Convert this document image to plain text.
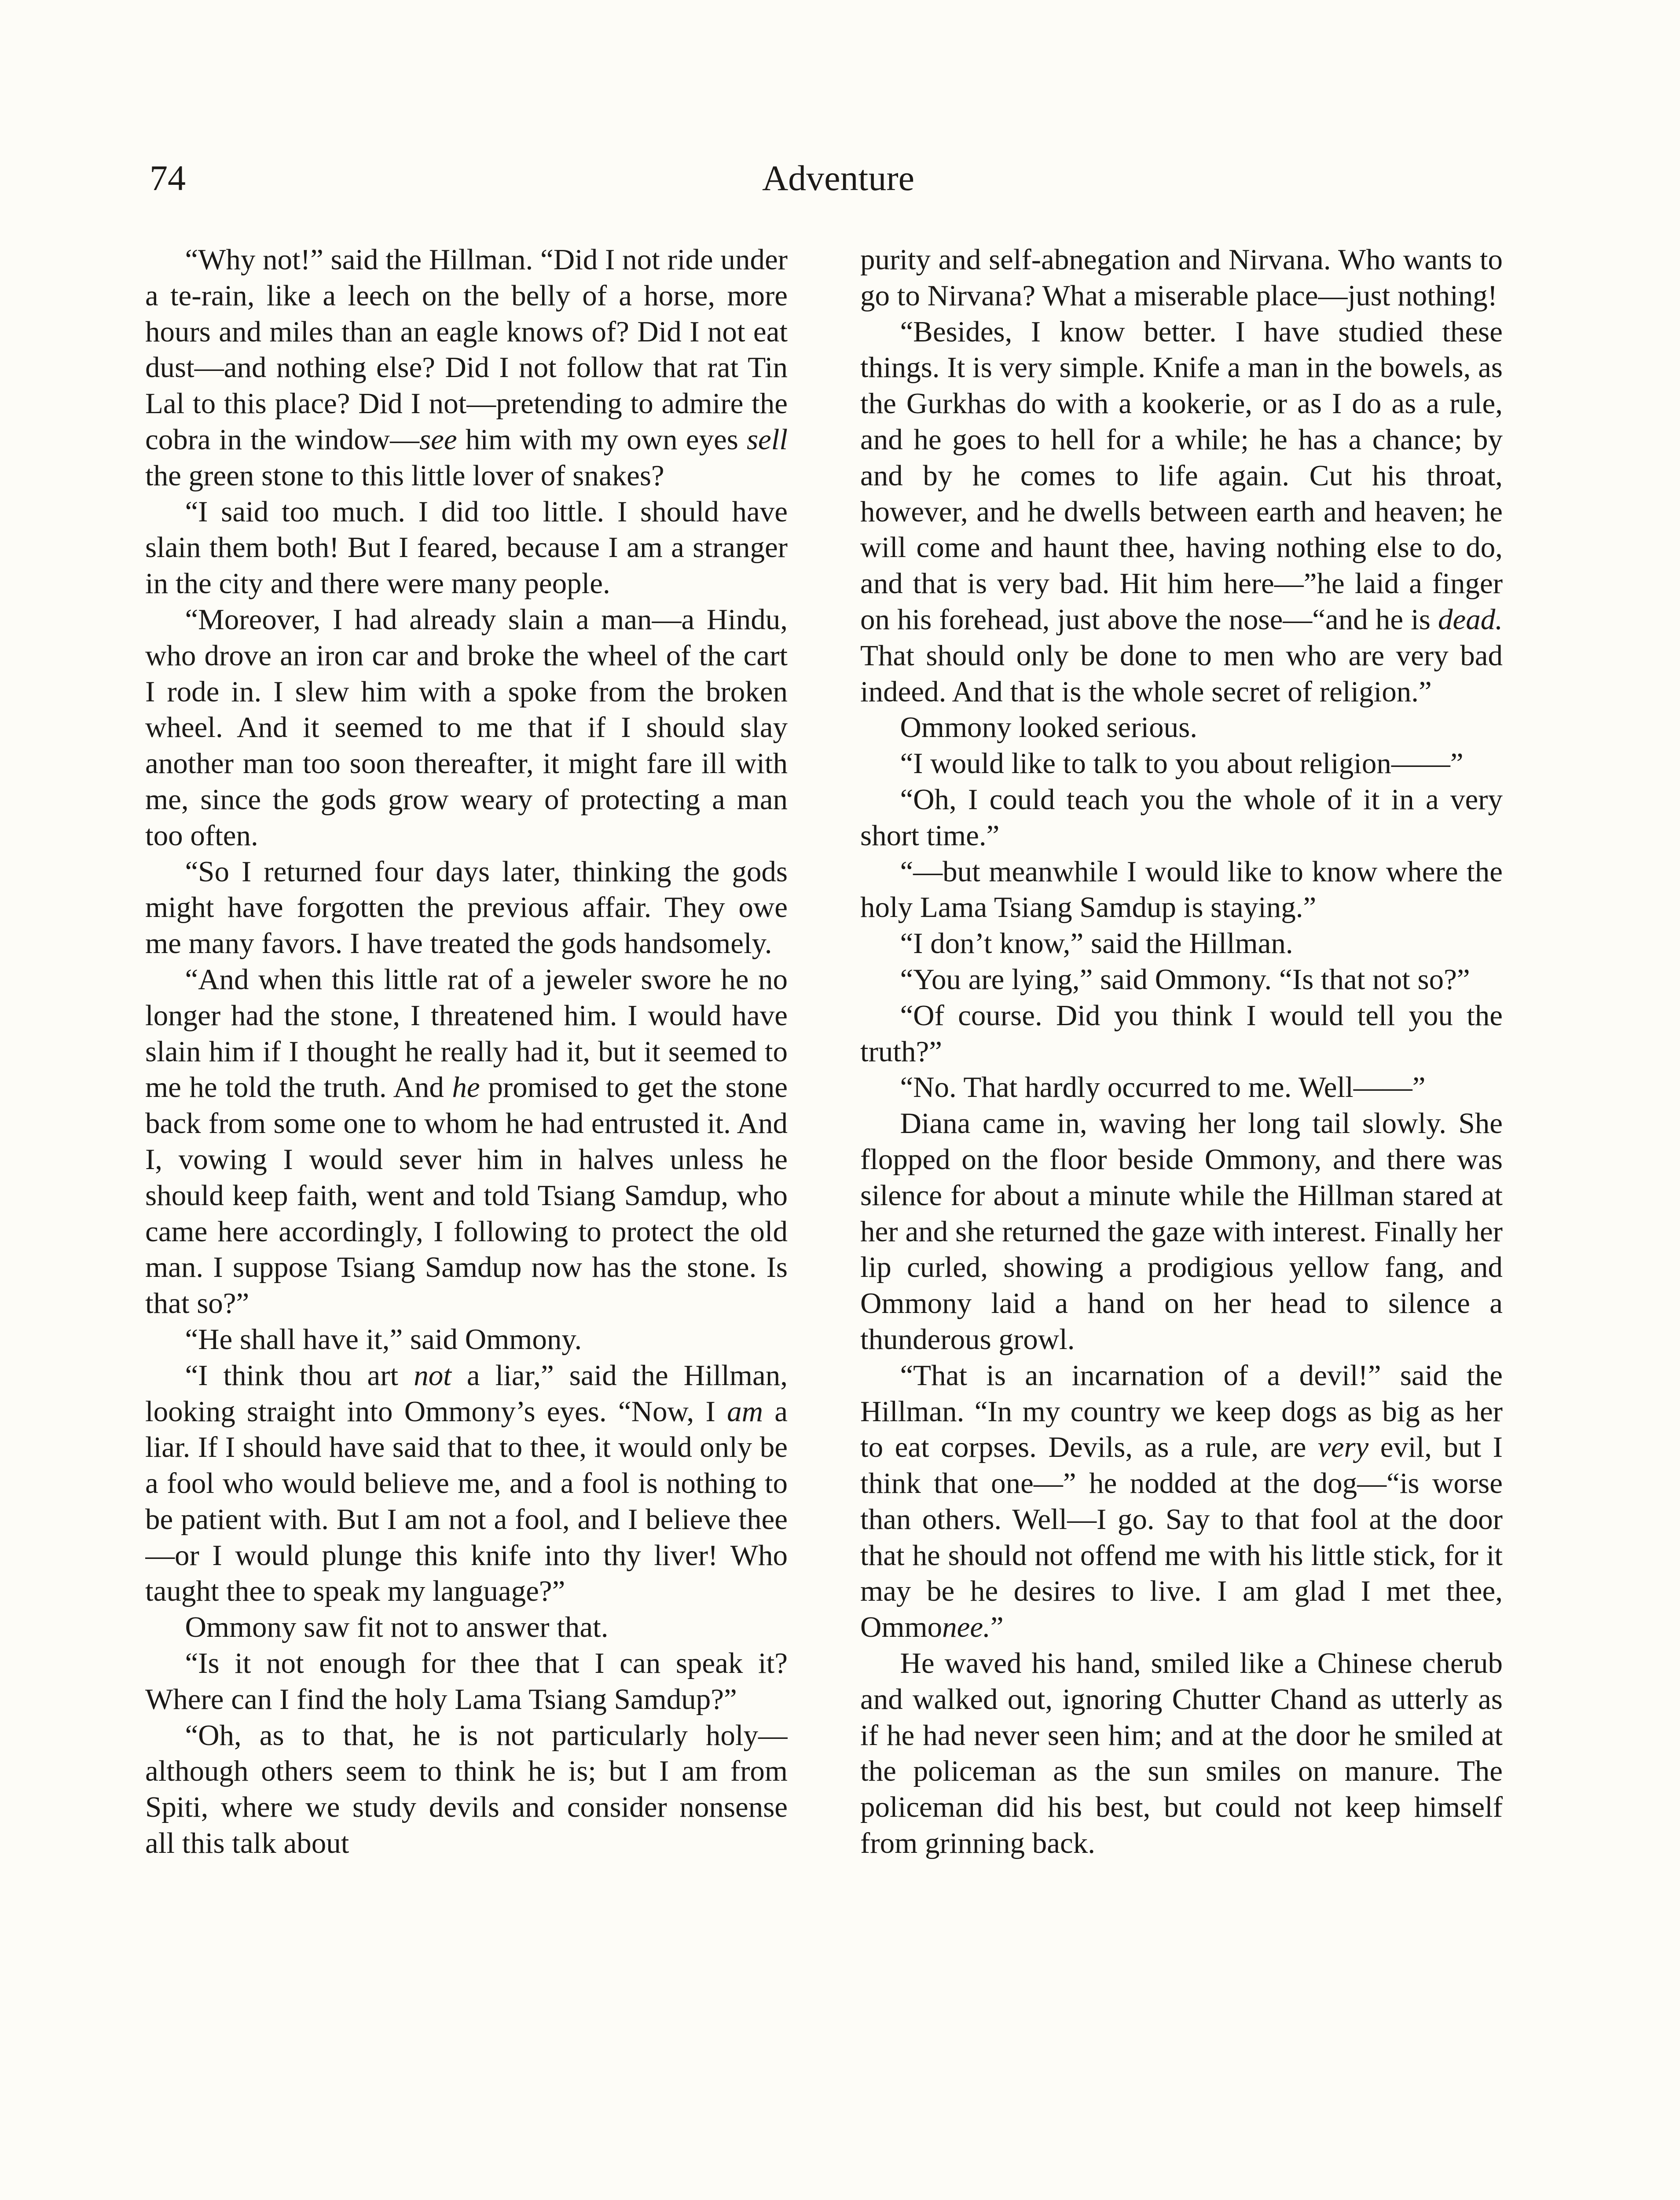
74	Adventure

“Why not!” said the Hillman. “Did I not ride under a te-rain, like a leech on the belly of a horse, more hours and miles than an eagle knows of? Did I not eat dust—and nothing else? Did I not follow that rat Tin Lal to this place? Did I not—pretending to admire the cobra in the window—see him with my own eyes sell the green stone to this little lover of snakes?

“I said too much. I did too little. I should have slain them both! But I feared, because I am a stranger in the city and there were many people.

“Moreover, I had already slain a man—a Hindu, who drove an iron car and broke the wheel of the cart I rode in. I slew him with a spoke from the broken wheel. And it seemed to me that if I should slay another man too soon thereafter, it might fare ill with me, since the gods grow weary of protecting a man too often.

“So I returned four days later, thinking the gods might have forgotten the previous affair. They owe me many favors. I have treated the gods handsomely.

“And when this little rat of a jeweler swore he no longer had the stone, I threatened him. I would have slain him if I thought he really had it, but it seemed to me he told the truth. And he promised to get the stone back from some one to whom he had entrusted it. And I, vowing I would sever him in halves unless he should keep faith, went and told Tsiang Samdup, who came here accordingly, I following to protect the old man. I suppose Tsiang Samdup now has the stone. Is that so?”

“He shall have it,” said Ommony.

“I think thou art not a liar,” said the Hillman, looking straight into Ommony’s eyes. “Now, I am a liar. If I should have said that to thee, it would only be a fool who would believe me, and a fool is nothing to be patient with. But I am not a fool, and I believe thee—or I would plunge this knife into thy liver! Who taught thee to speak my language?”

Ommony saw fit not to answer that.

“Is it not enough for thee that I can speak it? Where can I find the holy Lama Tsiang Samdup?”

“Oh, as to that, he is not particularly holy—although others seem to think he is; but I am from Spiti, where we study devils and consider nonsense all this talk about

purity and self-abnegation and Nirvana. Who wants to go to Nirvana? What a miserable place—just nothing!

“Besides, I know better. I have studied these things. It is very simple. Knife a man in the bowels, as the Gurkhas do with a kookerie, or as I do as a rule, and he goes to hell for a while; he has a chance; by and by he comes to life again. Cut his throat, however, and he dwells between earth and heaven; he will come and haunt thee, having nothing else to do, and that is very bad. Hit him here—”he laid a finger on his forehead, just above the nose—“and he is dead. That should only be done to men who are very bad indeed. And that is the whole secret of religion.”

Ommony looked serious.

“I would like to talk to you about religion——”

“Oh, I could teach you the whole of it in a very short time.”

“—but meanwhile I would like to know where the holy Lama Tsiang Samdup is staying.”

“I don’t know,” said the Hillman.

“You are lying,” said Ommony. “Is that not so?”

“Of course. Did you think I would tell you the truth?”

“No. That hardly occurred to me. Well——”

Diana came in, waving her long tail slowly. She flopped on the floor beside Ommony, and there was silence for about a minute while the Hillman stared at her and she returned the gaze with interest. Finally her lip curled, showing a prodigious yellow fang, and Ommony laid a hand on her head to silence a thunderous growl.

“That is an incarnation of a devil!” said the Hillman. “In my country we keep dogs as big as her to eat corpses. Devils, as a rule, are very evil, but I think that one—” he nodded at the dog—“is worse than others. Well—I go. Say to that fool at the door that he should not offend me with his little stick, for it may be he desires to live. I am glad I met thee, Ommonee.”

He waved his hand, smiled like a Chinese cherub and walked out, ignoring Chutter Chand as utterly as if he had never seen him; and at the door he smiled at the policeman as the sun smiles on manure. The policeman did his best, but could not keep himself from grinning back.
